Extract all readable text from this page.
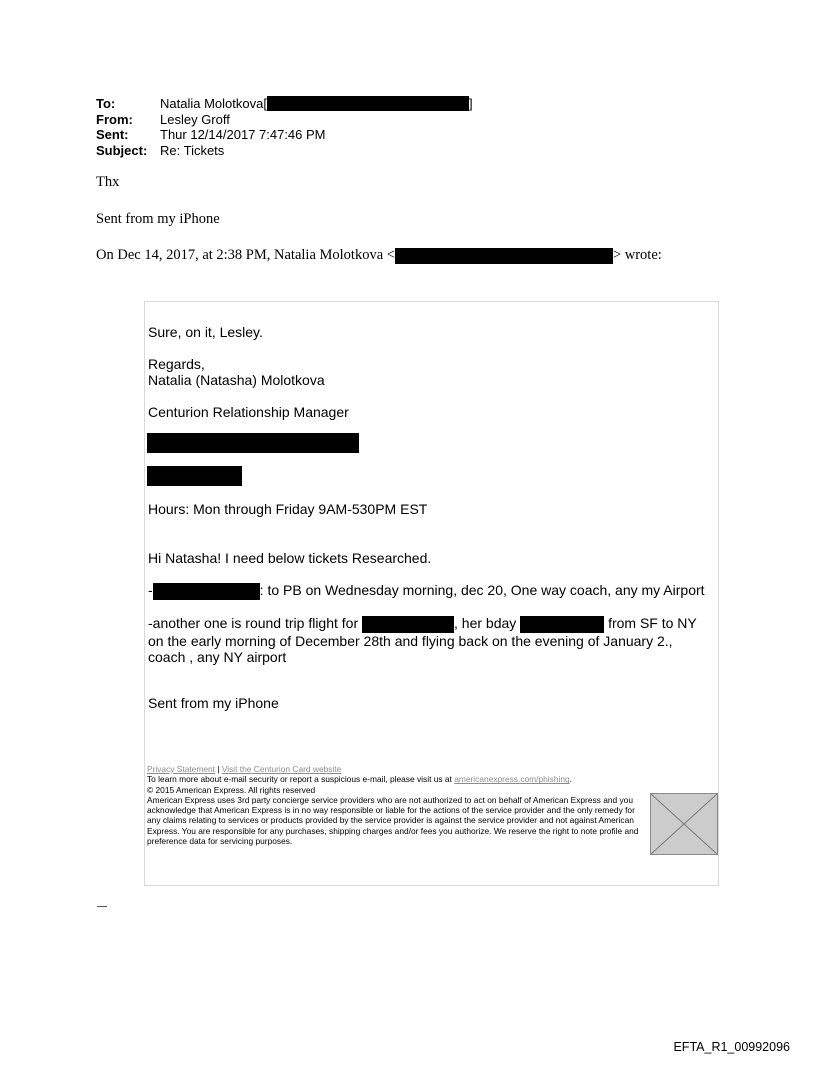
To:	Natalia Molotkova[	]
From:	Lesley Groff
Sent:	Thur 12/14/2017 7:47:46 PM
Subject: Re: Tickets
Thx
Sent from my iPhone
On Dec 14, 2017, at 2:38 PM, Natalia Molotkova <	> wrote:
Sure, on it, Lesley.
Regards,
Natalia (Natasha) Molotkova
Centurion Relationship Manager
Hours: Mon through Friday 9AM-530PM EST
Hi Natasha! I need below tickets Researched.
-	: to PB on Wednesday morning, dec 20, One way coach, any my Airport
-another one is round trip flight for	, her bday	from SF to NY on the early morning of December 28th and flying back on the evening of January 2., coach , any NY airport
Sent from my iPhone

Privacy Statement | Visit the Centurion Card website

To learn more about e-mail security or report a suspicious e-mail, please visit us at americanexpress.com/phishing.

© 2015 American Express. All rights reserved

American Express uses 3rd party concierge service providers who are not authorized to act on behalf of American Express and you acknowledge that American Express is in no way responsible or liable for the actions of the service provider and the only remedy for any claims relating to services or products provided by the service provider is against the service provider and not against American Express. You are responsible for any purchases, shipping charges and/or fees you authorize. We reserve the right to note profile and preference data for servicing purposes.

EFTA_R1_00992096
